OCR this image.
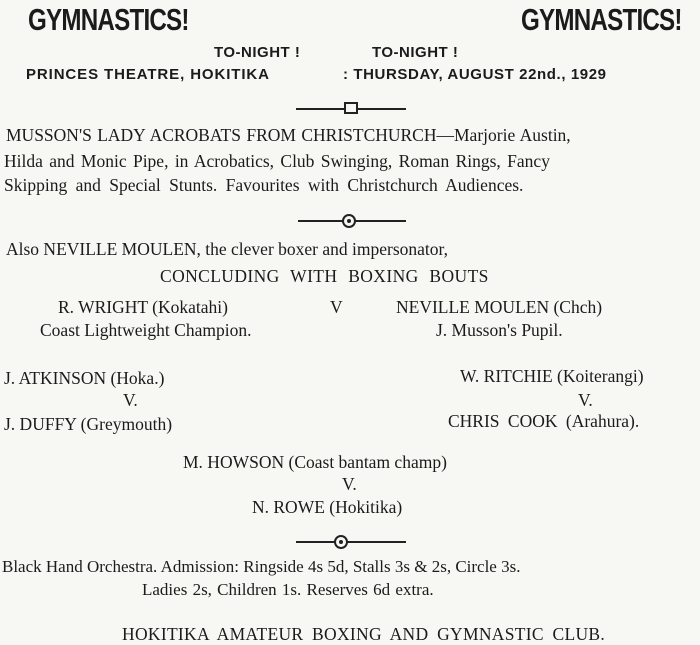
GYMNASTICS!	GYMNASTICS!
TO-NIGHT !	TO-NIGHT !
PRINCES THEATRE, HOKITIKA	: THURSDAY, AUGUST 22nd., 1929
MUSSON'S LADY ACROBATS FROM CHRISTCHURCH—Marjorie Austin,
Hilda and Monic Pipe, in Acrobatics, Club Swinging, Roman Rings, Fancy
Skipping and Special Stunts. Favourites with Christchurch Audiences.
Also NEVILLE MOULEN, the clever boxer and impersonator,
CONCLUDING WITH BOXING BOUTS
R. WRIGHT (Kokatahi)	V	NEVILLE MOULEN (Chch)
Coast Lightweight Champion.	J. Musson's Pupil.
J. ATKINSON (Hoka.)
V.
J. DUFFY (Greymouth)
W. RITCHIE (Koiterangi)
V.
CHRIS COOK (Arahura).
M. HOWSON (Coast bantam champ)
V.
N. ROWE (Hokitika)
Black Hand Orchestra. Admission: Ringside 4s 5d, Stalls 3s & 2s, Circle 3s.
Ladies 2s, Children 1s. Reserves 6d extra.
HOKITIKA AMATEUR BOXING AND GYMNASTIC CLUB.
